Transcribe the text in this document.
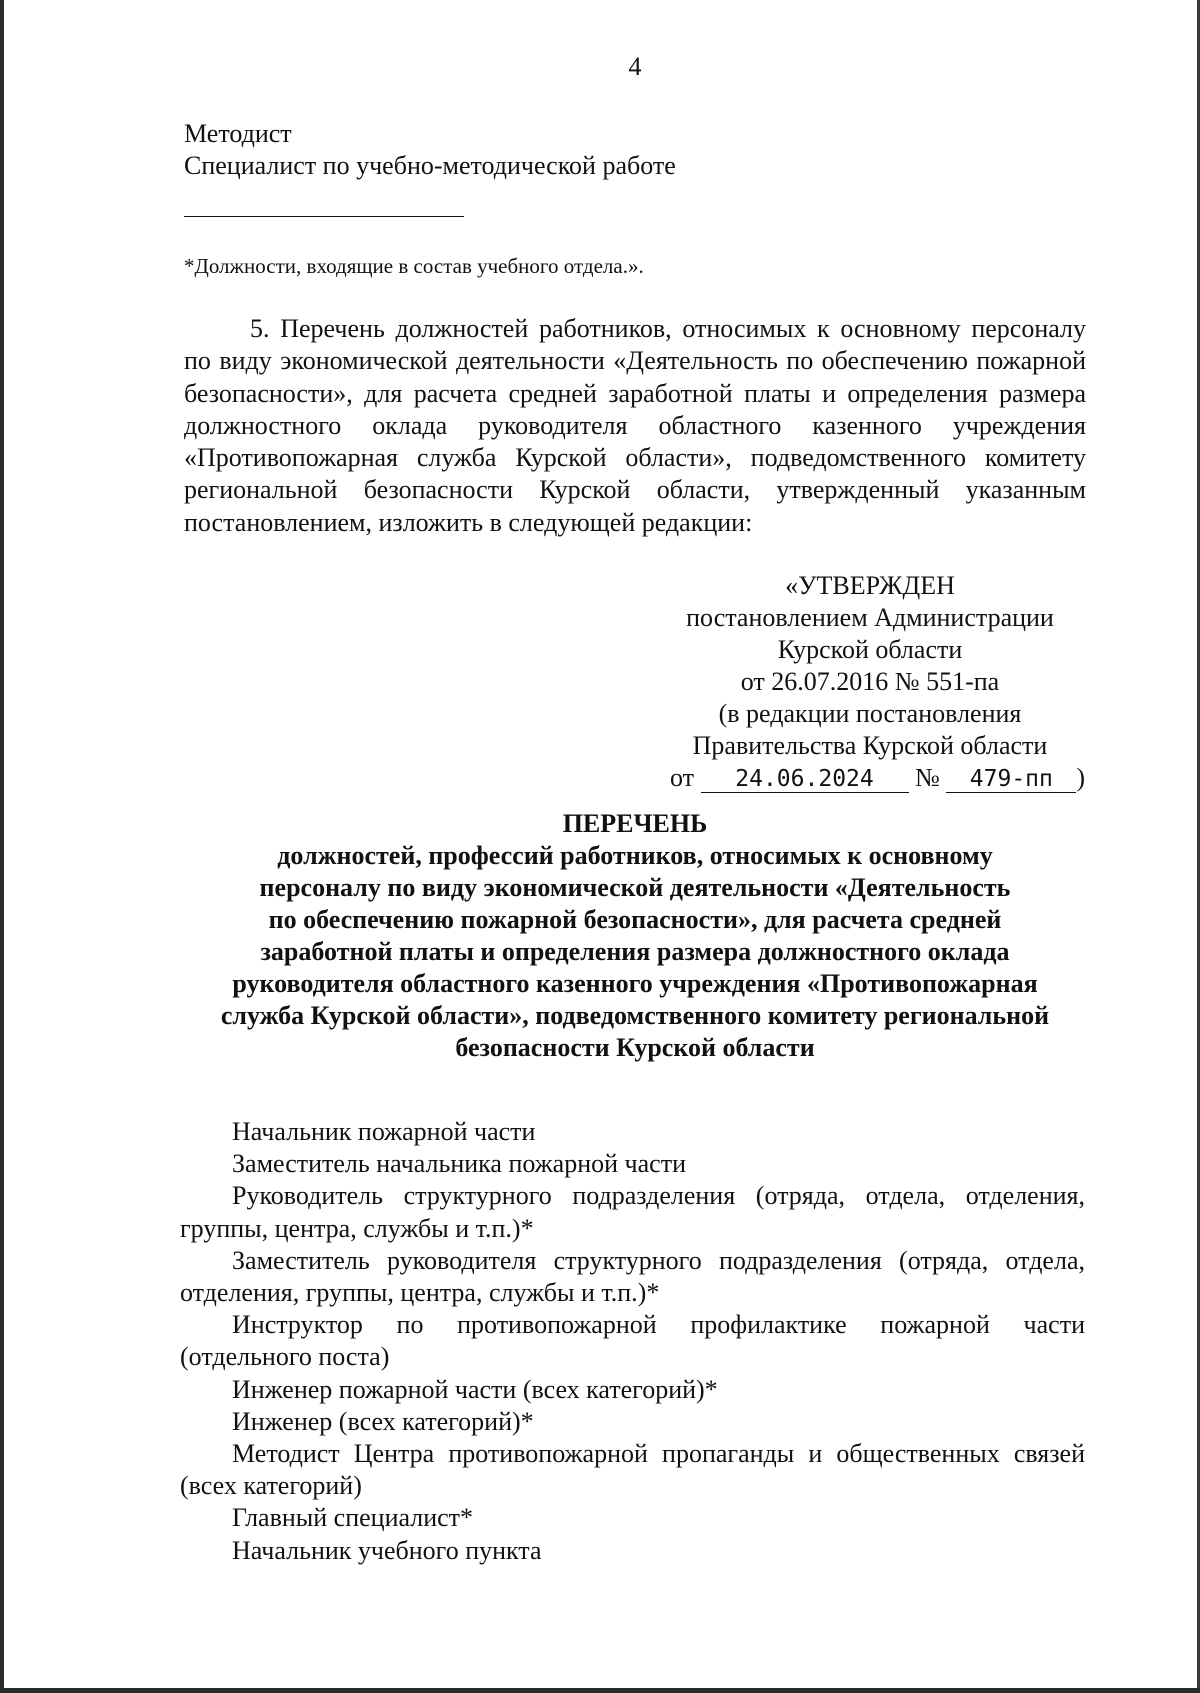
4
Методист
Специалист по учебно-методической работе
*Должности, входящие в состав учебного отдела.».
5. Перечень должностей работников, относимых к основному персоналу по виду экономической деятельности «Деятельность по обеспечению пожарной безопасности», для расчета средней заработной платы и определения размера должностного оклада руководителя областного казенного учреждения «Противопожарная служба Курской области», подведомственного комитету региональной безопасности Курской области, утвержденный указанным постановлением, изложить в следующей редакции:
«УТВЕРЖДЕН
постановлением Администрации
Курской области
от 26.07.2016 № 551-па
(в редакции постановления
Правительства Курской области
от 24.06.2024 № 479-пп )
ПЕРЕЧЕНЬ
должностей, профессий работников, относимых к основному
персоналу по виду экономической деятельности «Деятельность
по обеспечению пожарной безопасности», для расчета средней
заработной платы и определения размера должностного оклада
руководителя областного казенного учреждения «Противопожарная
служба Курской области», подведомственного комитету региональной
безопасности Курской области
Начальник пожарной части
Заместитель начальника пожарной части
Руководитель структурного подразделения (отряда, отдела, отделения, группы, центра, службы и т.п.)*
Заместитель руководителя структурного подразделения (отряда, отдела, отделения, группы, центра, службы и т.п.)*
Инструктор по противопожарной профилактике пожарной части (отдельного поста)
Инженер пожарной части (всех категорий)*
Инженер (всех категорий)*
Методист Центра противопожарной пропаганды и общественных связей (всех категорий)
Главный специалист*
Начальник учебного пункта
